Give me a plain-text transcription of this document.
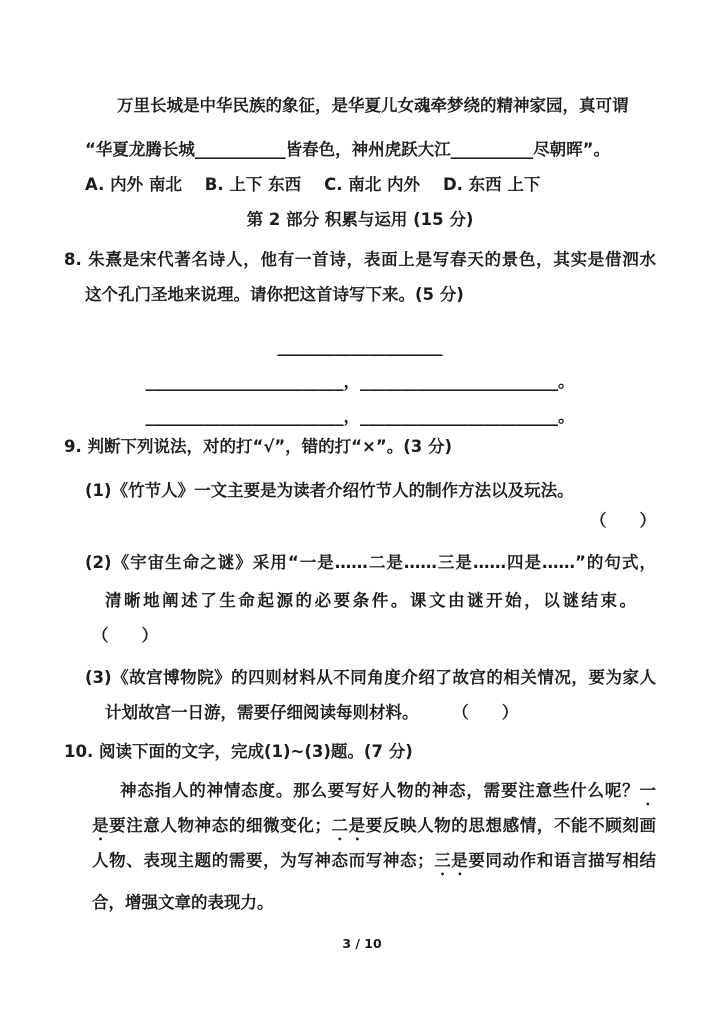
万里长城是中华民族的象征，是华夏儿女魂牵梦绕的精神家园，真可谓
“华夏龙腾长城___________皆春色，神州虎跃大江__________尽朝晖”。
A. 内外 南北    B. 上下 东西    C. 南北 内外    D. 东西 上下
第 2 部分 积累与运用 (15 分)
8. 朱熹是宋代著名诗人，他有一首诗，表面上是写春天的景色，其实是借泗水
这个孔门圣地来说理。请你把这首诗写下来。(5 分)
____________________
________________________，________________________。
________________________，________________________。
9. 判断下列说法，对的打“√”，错的打“×”。(3 分)
(1)《竹节人》一文主要是为读者介绍竹节人的制作方法以及玩法。
（　　）
(2)《宇宙生命之谜》采用“一是……二是……三是……四是……”的句式，
清晰地阐述了生命起源的必要条件。课文由谜开始，以谜结束。
（　　）
(3)《故宫博物院》的四则材料从不同角度介绍了故宫的相关情况，要为家人
计划故宫一日游，需要仔细阅读每则材料。	（　　）
10. 阅读下面的文字，完成(1)~(3)题。(7 分)
神态指人的神情态度。那么要写好人物的神态，需要注意些什么呢？一
是要注意人物神态的细微变化；二是要反映人物的思想感情，不能不顾刻画
人物、表现主题的需要，为写神态而写神态；三是要同动作和语言描写相结
合，增强文章的表现力。
3 / 10
